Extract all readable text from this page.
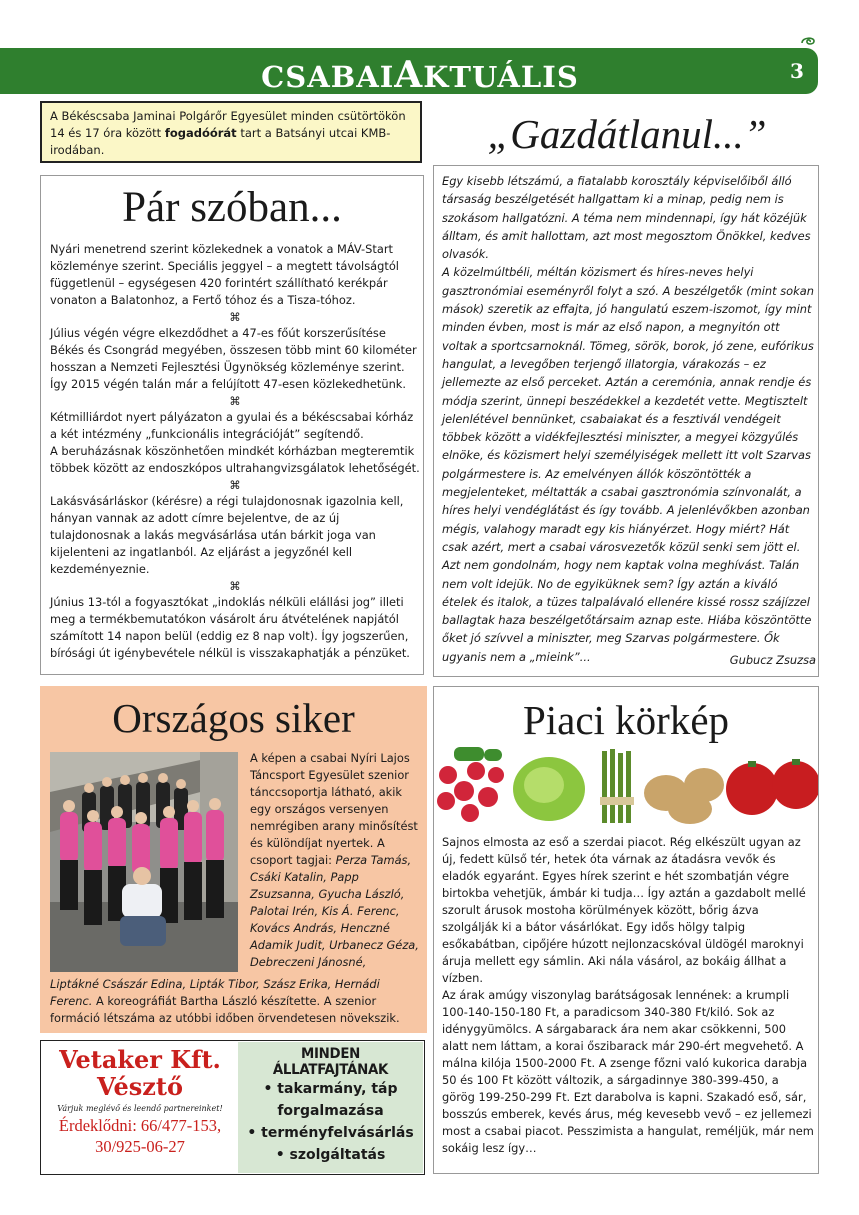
CSABAIAKTUÁLIS	3
A Békéscsaba Jaminai Polgárőr Egyesület minden csütörtökön 14 és 17 óra között fogadóórát tart a Batsányi utcai KMB-irodában.
Pár szóban...

Nyári menetrend szerint közlekednek a vonatok a MÁV-Start közleménye szerint. Speciális jeggyel – a megtett távolságtól függetlenül – egységesen 420 forintért szállítható kerékpár vonaton a Balatonhoz, a Fertő tóhoz és a Tisza-tóhoz.

⌘

Július végén végre elkezdődhet a 47-es főút korszerűsítése Békés és Csongrád megyében, összesen több mint 60 kilométer hosszan a Nemzeti Fejlesztési Ügynökség közleménye szerint. Így 2015 végén talán már a felújított 47-esen közlekedhetünk.

⌘

Kétmilliárdot nyert pályázaton a gyulai és a békéscsabai kórház a két intézmény „funkcionális integrációját” segítendő.
A beruházásnak köszönhetően mindkét kórházban megteremtik többek között az endoszkópos ultrahangvizsgálatok lehetőségét.

⌘

Lakásvásárláskor (kérésre) a régi tulajdonosnak igazolnia kell, hányan vannak az adott címre bejelentve, de az új tulajdonosnak a lakás megvásárlása után bárkit joga van kijelenteni az ingatlanból. Az eljárást a jegyzőnél kell kezdeményeznie.

⌘

Június 13-tól a fogyasztókat „indoklás nélküli elállási jog” illeti meg a termékbemutatókon vásárolt áru átvételének napjától számított 14 napon belül (eddig ez 8 nap volt). Így jogszerűen, bírósági út igénybevétele nélkül is visszakaphatják a pénzüket.

„Gazdátlanul...”

Egy kisebb létszámú, a fiatalabb korosztály képviselőiből álló társaság beszélgetését hallgattam ki a minap, pedig nem is szokásom hallgatózni. A téma nem mindennapi, így hát közéjük álltam, és amit hallottam, azt most megosztom Önökkel, kedves olvasók.

A közelmúltbéli, méltán közismert és híres-neves helyi gasztronómiai eseményről folyt a szó. A beszélgetők (mint sokan mások) szeretik az effajta, jó hangulatú eszem-iszomot, így mint minden évben, most is már az első napon, a megnyitón ott voltak a sportcsarnoknál. Tömeg, sörök, borok, jó zene, eufórikus hangulat, a levegőben terjengő illatorgia, várakozás – ez jellemezte az első perceket. Aztán a ceremónia, annak rendje és módja szerint, ünnepi beszédekkel a kezdetét vette. Megtisztelt jelenlétével bennünket, csabaiakat és a fesztivál vendégeit többek között a vidékfejlesztési miniszter, a megyei közgyűlés elnöke, és közismert helyi személyiségek mellett itt volt Szarvas polgármestere is. Az emelvényen állók köszöntötték a megjelenteket, méltatták a csabai gasztronómia színvonalát, a híres helyi vendéglátást és így tovább. A jelenlévőkben azonban mégis, valahogy maradt egy kis hiányérzet. Hogy miért? Hát csak azért, mert a csabai városvezetők közül senki sem jött el. Azt nem gondolnám, hogy nem kaptak volna meghívást. Talán nem volt idejük. No de egyiküknek sem? Így aztán a kiváló ételek és italok, a tüzes talpalávaló ellenére kissé rossz szájízzel ballagtak haza beszélgetőtársaim aznap este. Hiába köszöntötte őket jó szívvel a miniszter, meg Szarvas polgármestere. Ők ugyanis nem a „mieink”...	Gubucz Zsuzsa
Országos siker
A képen a csabai Nyíri Lajos Táncsport Egyesület szenior tánccsoportja látható, akik egy országos versenyen nemrégiben arany minősítést és különdíjat nyertek. A csoport tagjai: Perza Tamás, Csáki Katalin, Papp Zsuzsanna, Gyucha László, Palotai Irén, Kis Á. Ferenc, Kovács András, Henczné Adamik Judit, Urbanecz Géza, Debreczeni Jánosné,
Liptákné Császár Edina, Lipták Tibor, Szász Erika, Hernádi Ferenc. A koreográfiát Bartha László készítette. A szenior formáció létszáma az utóbbi időben örvendetesen növekszik.
Piaci körkép

Sajnos elmosta az eső a szerdai piacot. Rég elkészült ugyan az új, fedett külső tér, hetek óta várnak az átadásra vevők és eladók egyaránt. Egyes hírek szerint e hét szombatján végre birtokba vehetjük, ámbár ki tudja… Így aztán a gazdabolt mellé szorult árusok mostoha körülmények között, bőrig ázva szolgálják ki a bátor vásárlókat. Egy idős hölgy talpig esőkabátban, cipőjére húzott nejlonzacskóval üldögél maroknyi áruja mellett egy sámlin. Aki nála vásárol, az bokáig állhat a vízben.

Az árak amúgy viszonylag barátságosak lennének: a krumpli 100-140-150-180 Ft, a paradicsom 340-380 Ft/kiló. Sok az idénygyümölcs. A sárgabarack ára nem akar csökkenni, 500 alatt nem láttam, a korai őszibarack már 290-ért megvehető. A málna kilója 1500-2000 Ft. A zsenge főzni való kukorica darabja 50 és 100 Ft között változik, a sárgadinnye 380-399-450, a görög 199-250-299 Ft. Ezt darabolva is kapni. Szakadó eső, sár, bosszús emberek, kevés árus, még kevesebb vevő – ez jellemezi most a csabai piacot. Pesszimista a hangulat, reméljük, már nem sokáig lesz így…

Vetaker Kft.
Vésztő
Várjuk meglévő és leendő partnereinket!
Érdeklődni: 66/477-153,
30/925-06-27
MINDEN ÁLLATFAJTÁNAK
• takarmány, táp
forgalmazása
• terményfelvásárlás
• szolgáltatás
